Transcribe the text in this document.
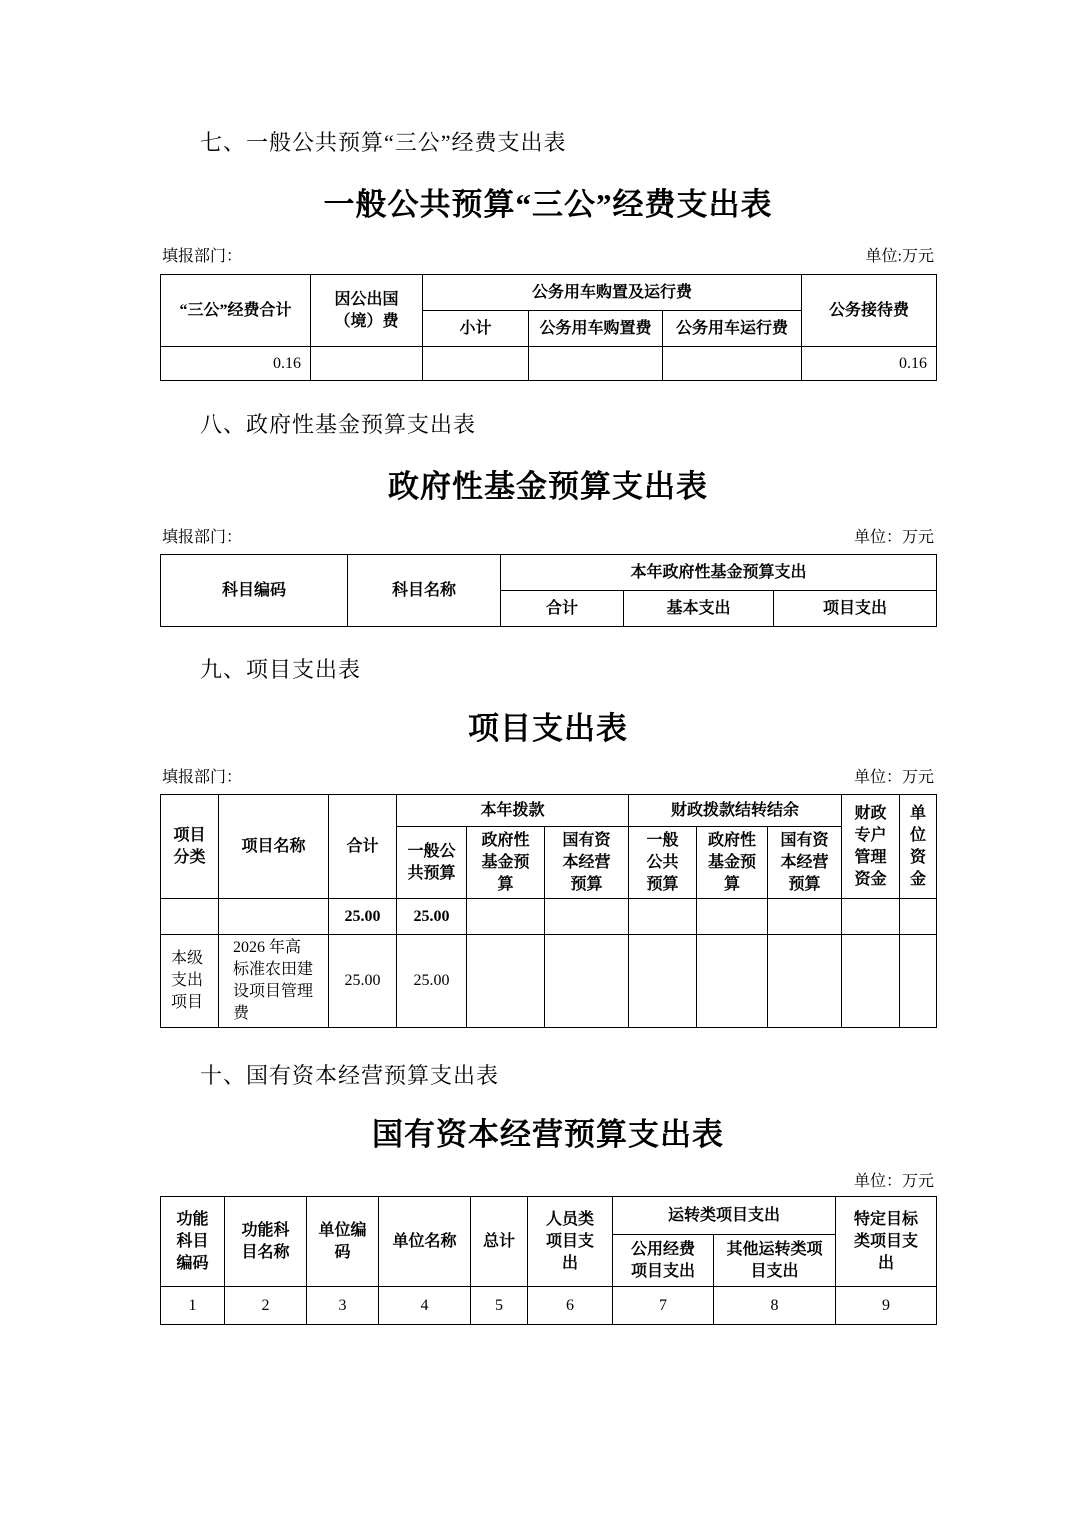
七、一般公共预算“三公”经费支出表
一般公共预算“三公”经费支出表
填报部门：	单位:万元
“三公”经费合计	因公出国（境）费	公务用车购置及运行费			公务接待费
		小计	公务用车购置费	公务用车运行费	
0.16					0.16
八、政府性基金预算支出表
政府性基金预算支出表
填报部门：	单位：万元
科目编码	科目名称	本年政府性基金预算支出		
		合计	基本支出	项目支出
九、项目支出表
项目支出表
填报部门：	单位：万元
项目分类	项目名称	合计	本年拨款			财政拨款结转结余			财政专户管理资金	单位资金
			一般公共预算	政府性基金预算	国有资本经营预算	一般公共预算	政府性基金预算	国有资本经营预算		
		25.00	25.00							
本级支出项目	2026 年高标准农田建设项目管理费	25.00	25.00							
十、国有资本经营预算支出表
国有资本经营预算支出表
单位：万元
功能科目编码	功能科目名称	单位编码	单位名称	总计	人员类项目支出	运转类项目支出		特定目标类项目支出
						公用经费项目支出	其他运转类项目支出	
1	2	3	4	5	6	7	8	9
